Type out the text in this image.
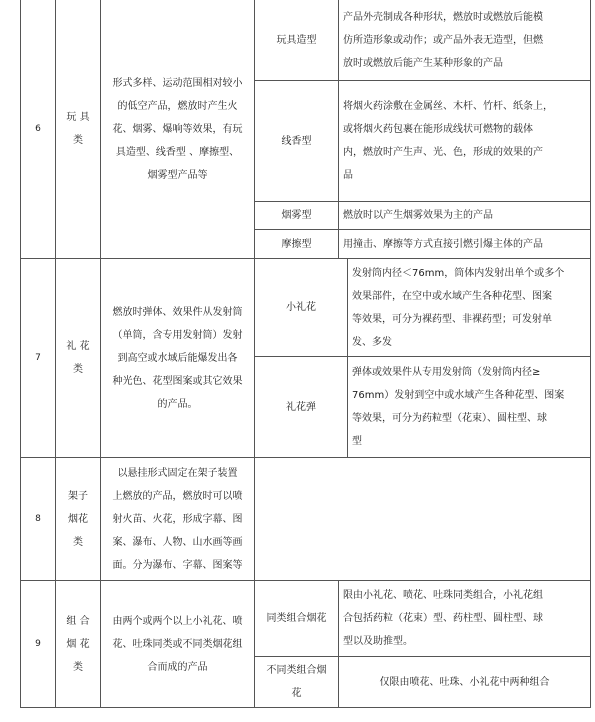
6
玩 具
类
形式多样、运动范围相对较小
的低空产品，燃放时产生火
花、烟雾、爆响等效果，有玩
具造型、线香型 、摩擦型、
烟雾型产品等
玩具造型
产品外壳制成各种形状，燃放时或燃放后能模
仿所造形象或动作；或产品外表无造型，但燃
放时或燃放后能产生某种形象的产品
线香型
将烟火药涂敷在金属丝、木杆、竹杆、纸条上，
或将烟火药包裹在能形成线状可燃物的载体
内，燃放时产生声、光、色，形成的效果的产
品
烟雾型	燃放时以产生烟雾效果为主的产品
摩擦型	用撞击、摩擦等方式直接引燃引爆主体的产品
7
礼 花
类
燃放时弹体、效果件从发射筒
（单筒，含专用发射筒）发射
到高空或水域后能爆发出各
种光色、花型图案或其它效果
的产品。
小礼花
发射筒内径＜76mm，筒体内发射出单个或多个
效果部件，在空中或水域产生各种花型、图案
等效果，可分为裸药型、非裸药型；可发射单
发、多发
礼花弹
弹体或效果件从专用发射筒（发射筒内径≥
76mm）发射到空中或水域产生各种花型、图案
等效果，可分为药粒型（花束）、圆柱型、球
型
8
架子
烟花
类
以悬挂形式固定在架子装置
上燃放的产品，燃放时可以喷
射火苗、火花，形成字幕、图
案、瀑布、人物、山水画等画
面。分为瀑布、字幕、图案等
9
组 合
烟 花
类
由两个或两个以上小礼花、喷
花、吐珠同类或不同类烟花组
合而成的产品
同类组合烟花
限由小礼花、喷花、吐珠同类组合，小礼花组
合包括药粒（花束）型、药柱型、圆柱型、球
型以及助推型。
不同类组合烟
花
仅限由喷花、吐珠、小礼花中两种组合
